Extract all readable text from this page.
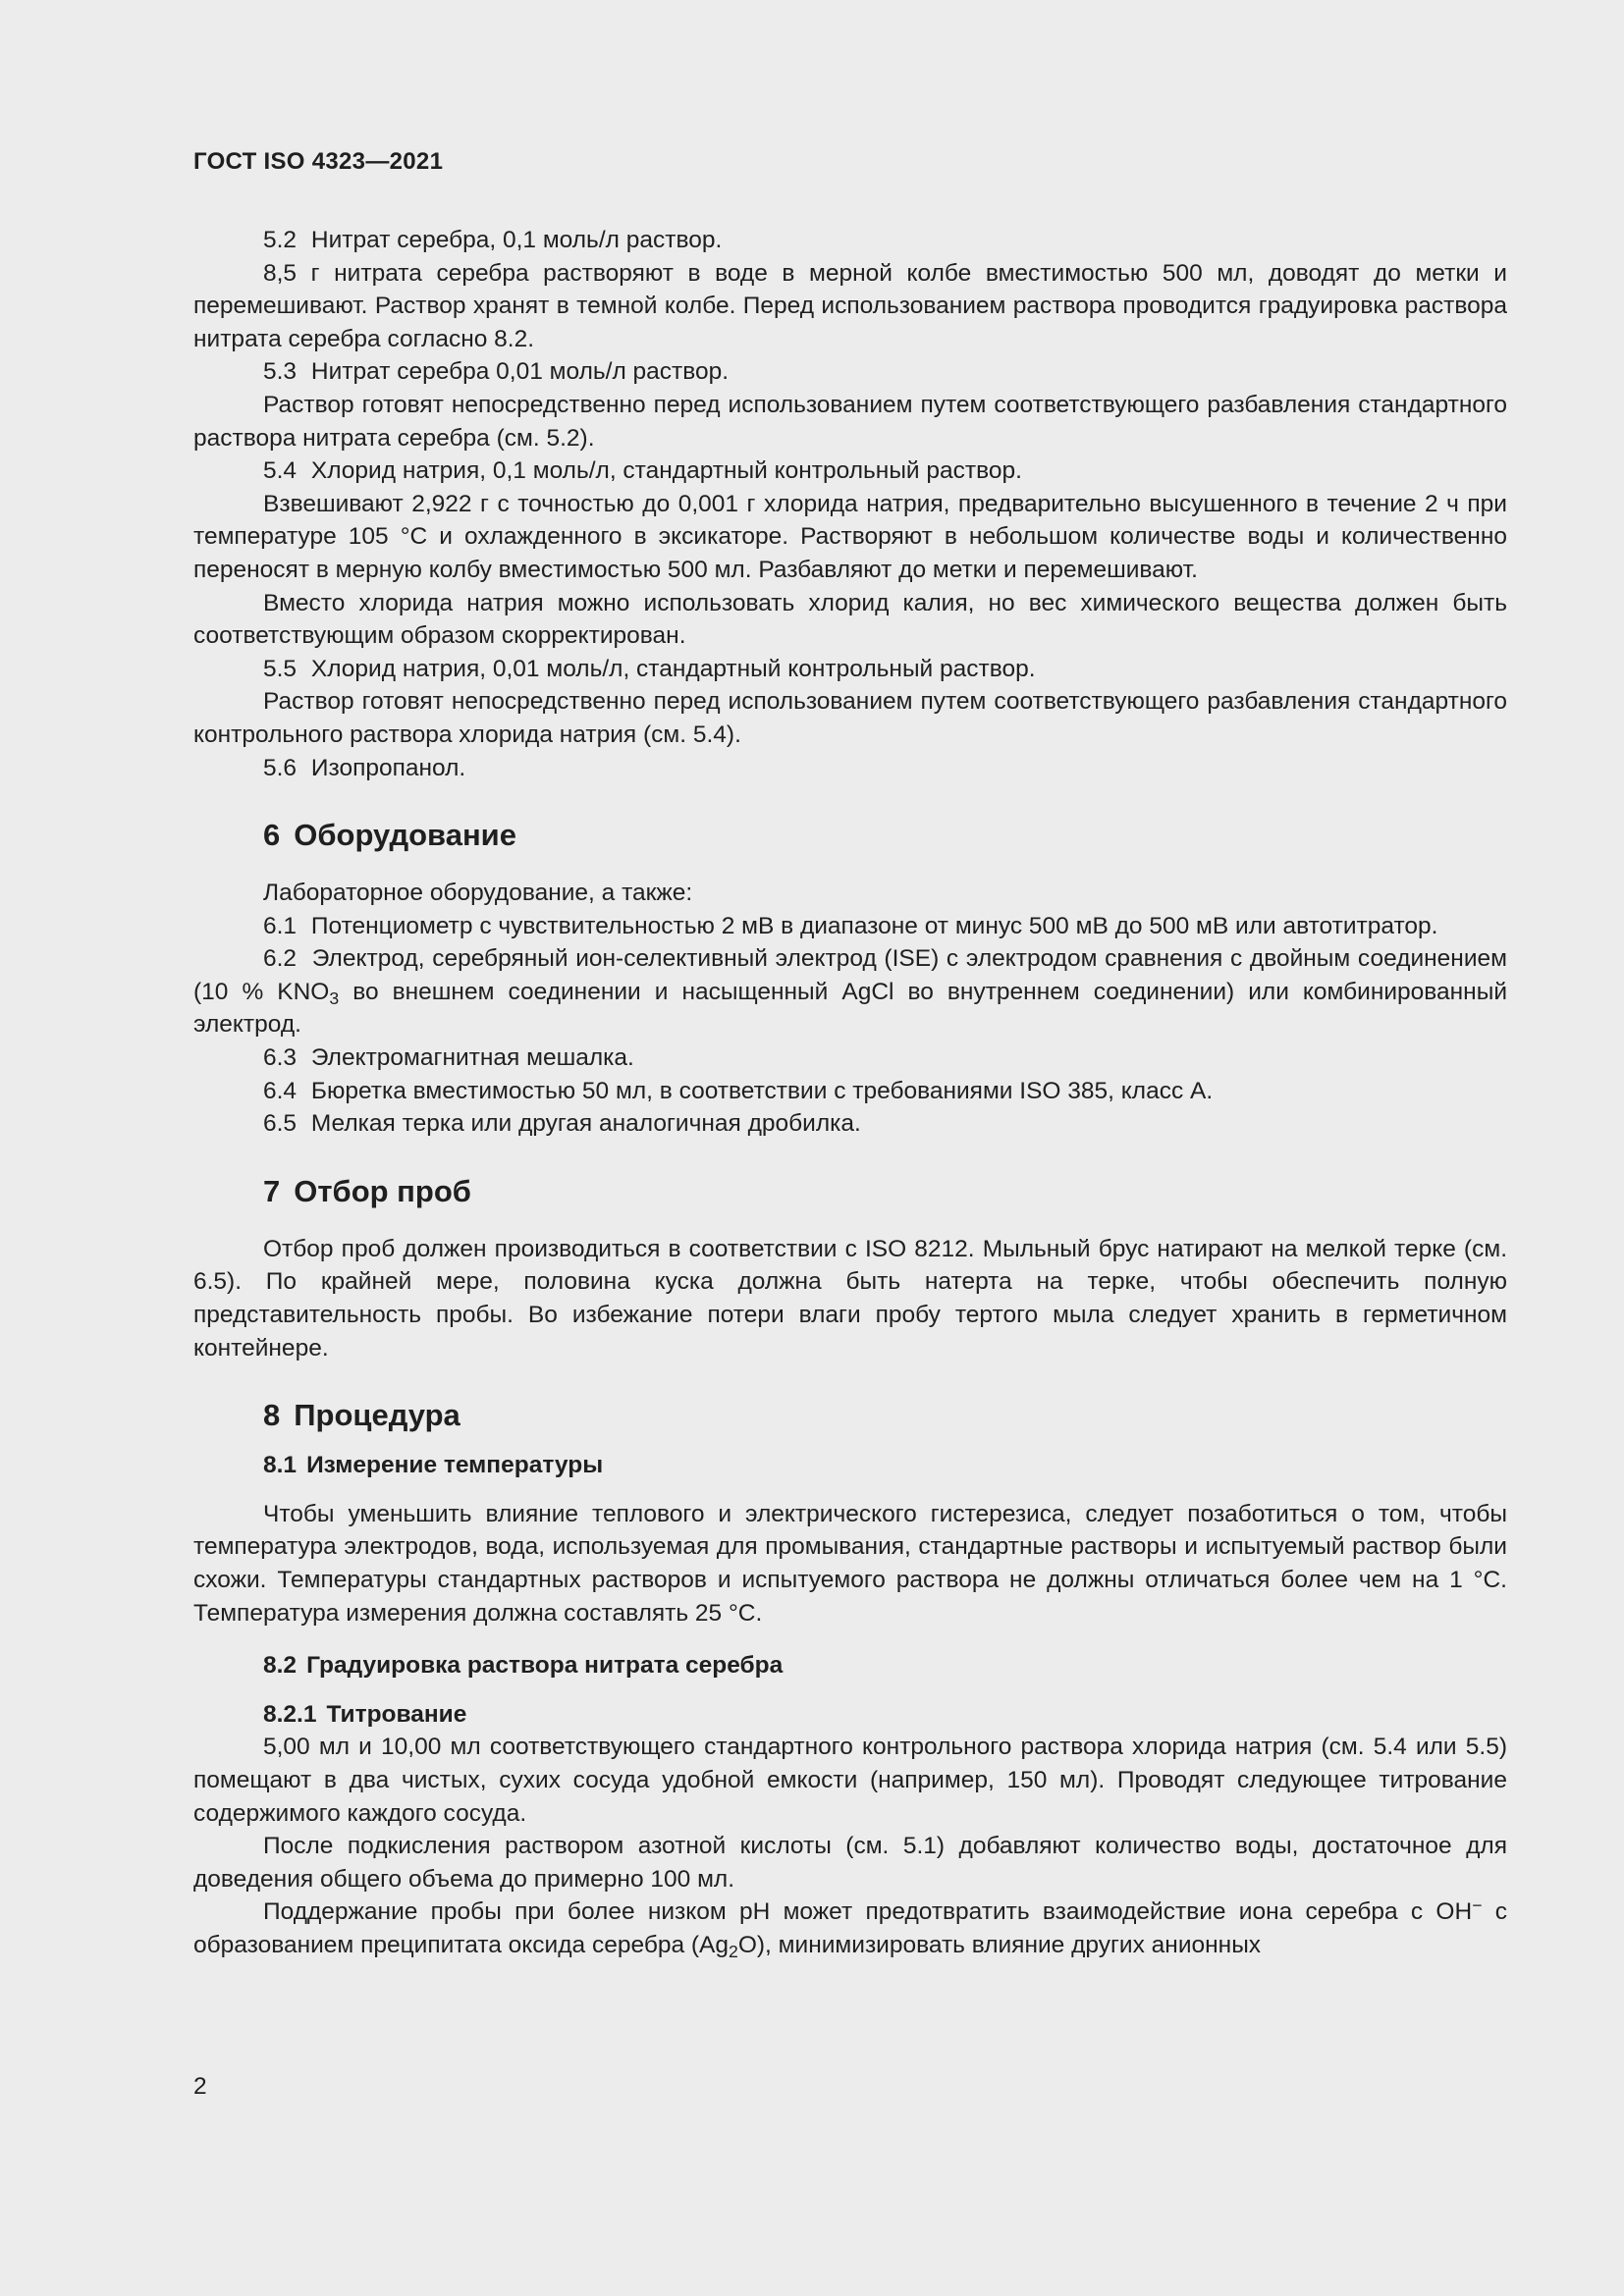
ГОСТ ISO 4323—2021

5.2 Нитрат серебра, 0,1 моль/л раствор.

8,5 г нитрата серебра растворяют в воде в мерной колбе вместимостью 500 мл, доводят до метки и перемешивают. Раствор хранят в темной колбе. Перед использованием раствора проводится градуировка раствора нитрата серебра согласно 8.2.

5.3 Нитрат серебра 0,01 моль/л раствор.

Раствор готовят непосредственно перед использованием путем соответствующего разбавления стандартного раствора нитрата серебра (см. 5.2).

5.4 Хлорид натрия, 0,1 моль/л, стандартный контрольный раствор.

Взвешивают 2,922 г с точностью до 0,001 г хлорида натрия, предварительно высушенного в течение 2 ч при температуре 105 °С и охлажденного в эксикаторе. Растворяют в небольшом количестве воды и количественно переносят в мерную колбу вместимостью 500 мл. Разбавляют до метки и перемешивают.

Вместо хлорида натрия можно использовать хлорид калия, но вес химического вещества должен быть соответствующим образом скорректирован.

5.5 Хлорид натрия, 0,01 моль/л, стандартный контрольный раствор.

Раствор готовят непосредственно перед использованием путем соответствующего разбавления стандартного контрольного раствора хлорида натрия (см. 5.4).

5.6 Изопропанол.

6 Оборудование

Лабораторное оборудование, а также:

6.1 Потенциометр с чувствительностью 2 мВ в диапазоне от минус 500 мВ до 500 мВ или автотитратор.

6.2 Электрод, серебряный ион-селективный электрод (ISE) с электродом сравнения с двойным соединением (10 % $KNO_3$ во внешнем соединении и насыщенный AgCl во внутреннем соединении) или комбинированный электрод.

6.3 Электромагнитная мешалка.

6.4 Бюретка вместимостью 50 мл, в соответствии с требованиями ISO 385, класс А.

6.5 Мелкая терка или другая аналогичная дробилка.

7 Отбор проб

Отбор проб должен производиться в соответствии с ISO 8212. Мыльный брус натирают на мелкой терке (см. 6.5). По крайней мере, половина куска должна быть натерта на терке, чтобы обеспечить полную представительность пробы. Во избежание потери влаги пробу тертого мыла следует хранить в герметичном контейнере.

8 Процедура

8.1 Измерение температуры

Чтобы уменьшить влияние теплового и электрического гистерезиса, следует позаботиться о том, чтобы температура электродов, вода, используемая для промывания, стандартные растворы и испытуемый раствор были схожи. Температуры стандартных растворов и испытуемого раствора не должны отличаться более чем на 1 °С. Температура измерения должна составлять 25 °С.

8.2 Градуировка раствора нитрата серебра

8.2.1 Титрование

5,00 мл и 10,00 мл соответствующего стандартного контрольного раствора хлорида натрия (см. 5.4 или 5.5) помещают в два чистых, сухих сосуда удобной емкости (например, 150 мл). Проводят следующее титрование содержимого каждого сосуда.

После подкисления раствором азотной кислоты (см. 5.1) добавляют количество воды, достаточное для доведения общего объема до примерно 100 мл.

Поддержание пробы при более низком pH может предотвратить взаимодействие иона серебра с OH− с образованием преципитата оксида серебра $(Ag_2O)$, минимизировать влияние других анионных

2
